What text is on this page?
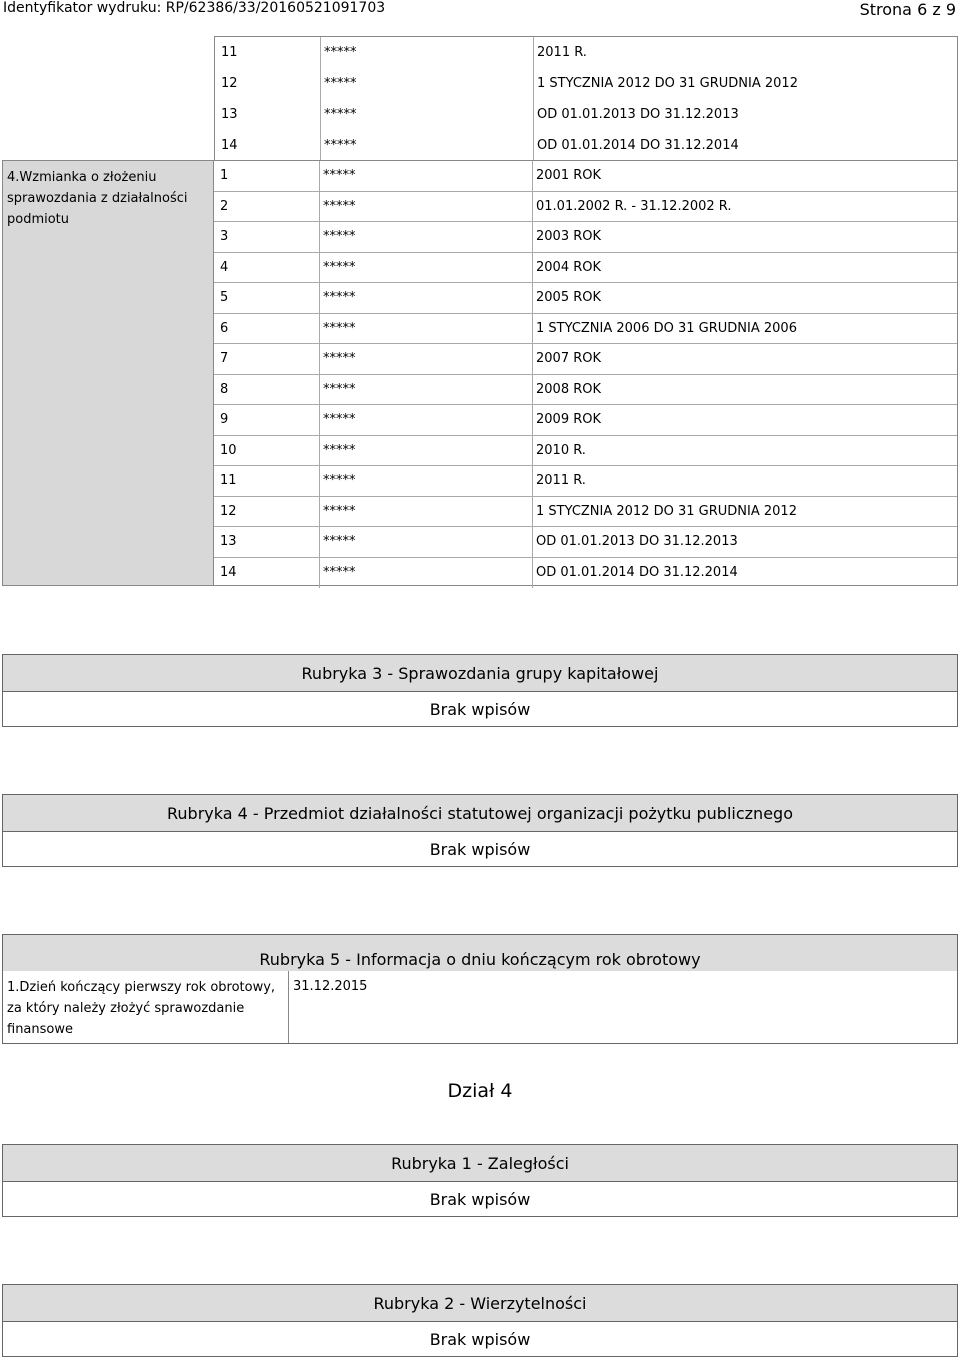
Identyfikator wydruku: RP/62386/33/20160521091703	Strona 6 z 9
11	*****	2011 R.
12	*****	1 STYCZNIA 2012 DO 31 GRUDNIA 2012
13	*****	OD 01.01.2013 DO 31.12.2013
14	*****	OD 01.01.2014 DO 31.12.2014
4.Wzmianka o złożeniu sprawozdania z działalności podmiotu
1	*****	2001 ROK
2	*****	01.01.2002 R. - 31.12.2002 R.
3	*****	2003 ROK
4	*****	2004 ROK
5	*****	2005 ROK
6	*****	1 STYCZNIA 2006 DO 31 GRUDNIA 2006
7	*****	2007 ROK
8	*****	2008 ROK
9	*****	2009 ROK
10	*****	2010 R.
11	*****	2011 R.
12	*****	1 STYCZNIA 2012 DO 31 GRUDNIA 2012
13	*****	OD 01.01.2013 DO 31.12.2013
14	*****	OD 01.01.2014 DO 31.12.2014
Rubryka 3 - Sprawozdania grupy kapitałowej
Brak wpisów
Rubryka 4 - Przedmiot działalności statutowej organizacji pożytku publicznego
Brak wpisów
Rubryka 5 - Informacja o dniu kończącym rok obrotowy
1.Dzień kończący pierwszy rok obrotowy, za który należy złożyć sprawozdanie finansowe
31.12.2015
Dział 4
Rubryka 1 - Zaległości
Brak wpisów
Rubryka 2 - Wierzytelności
Brak wpisów
